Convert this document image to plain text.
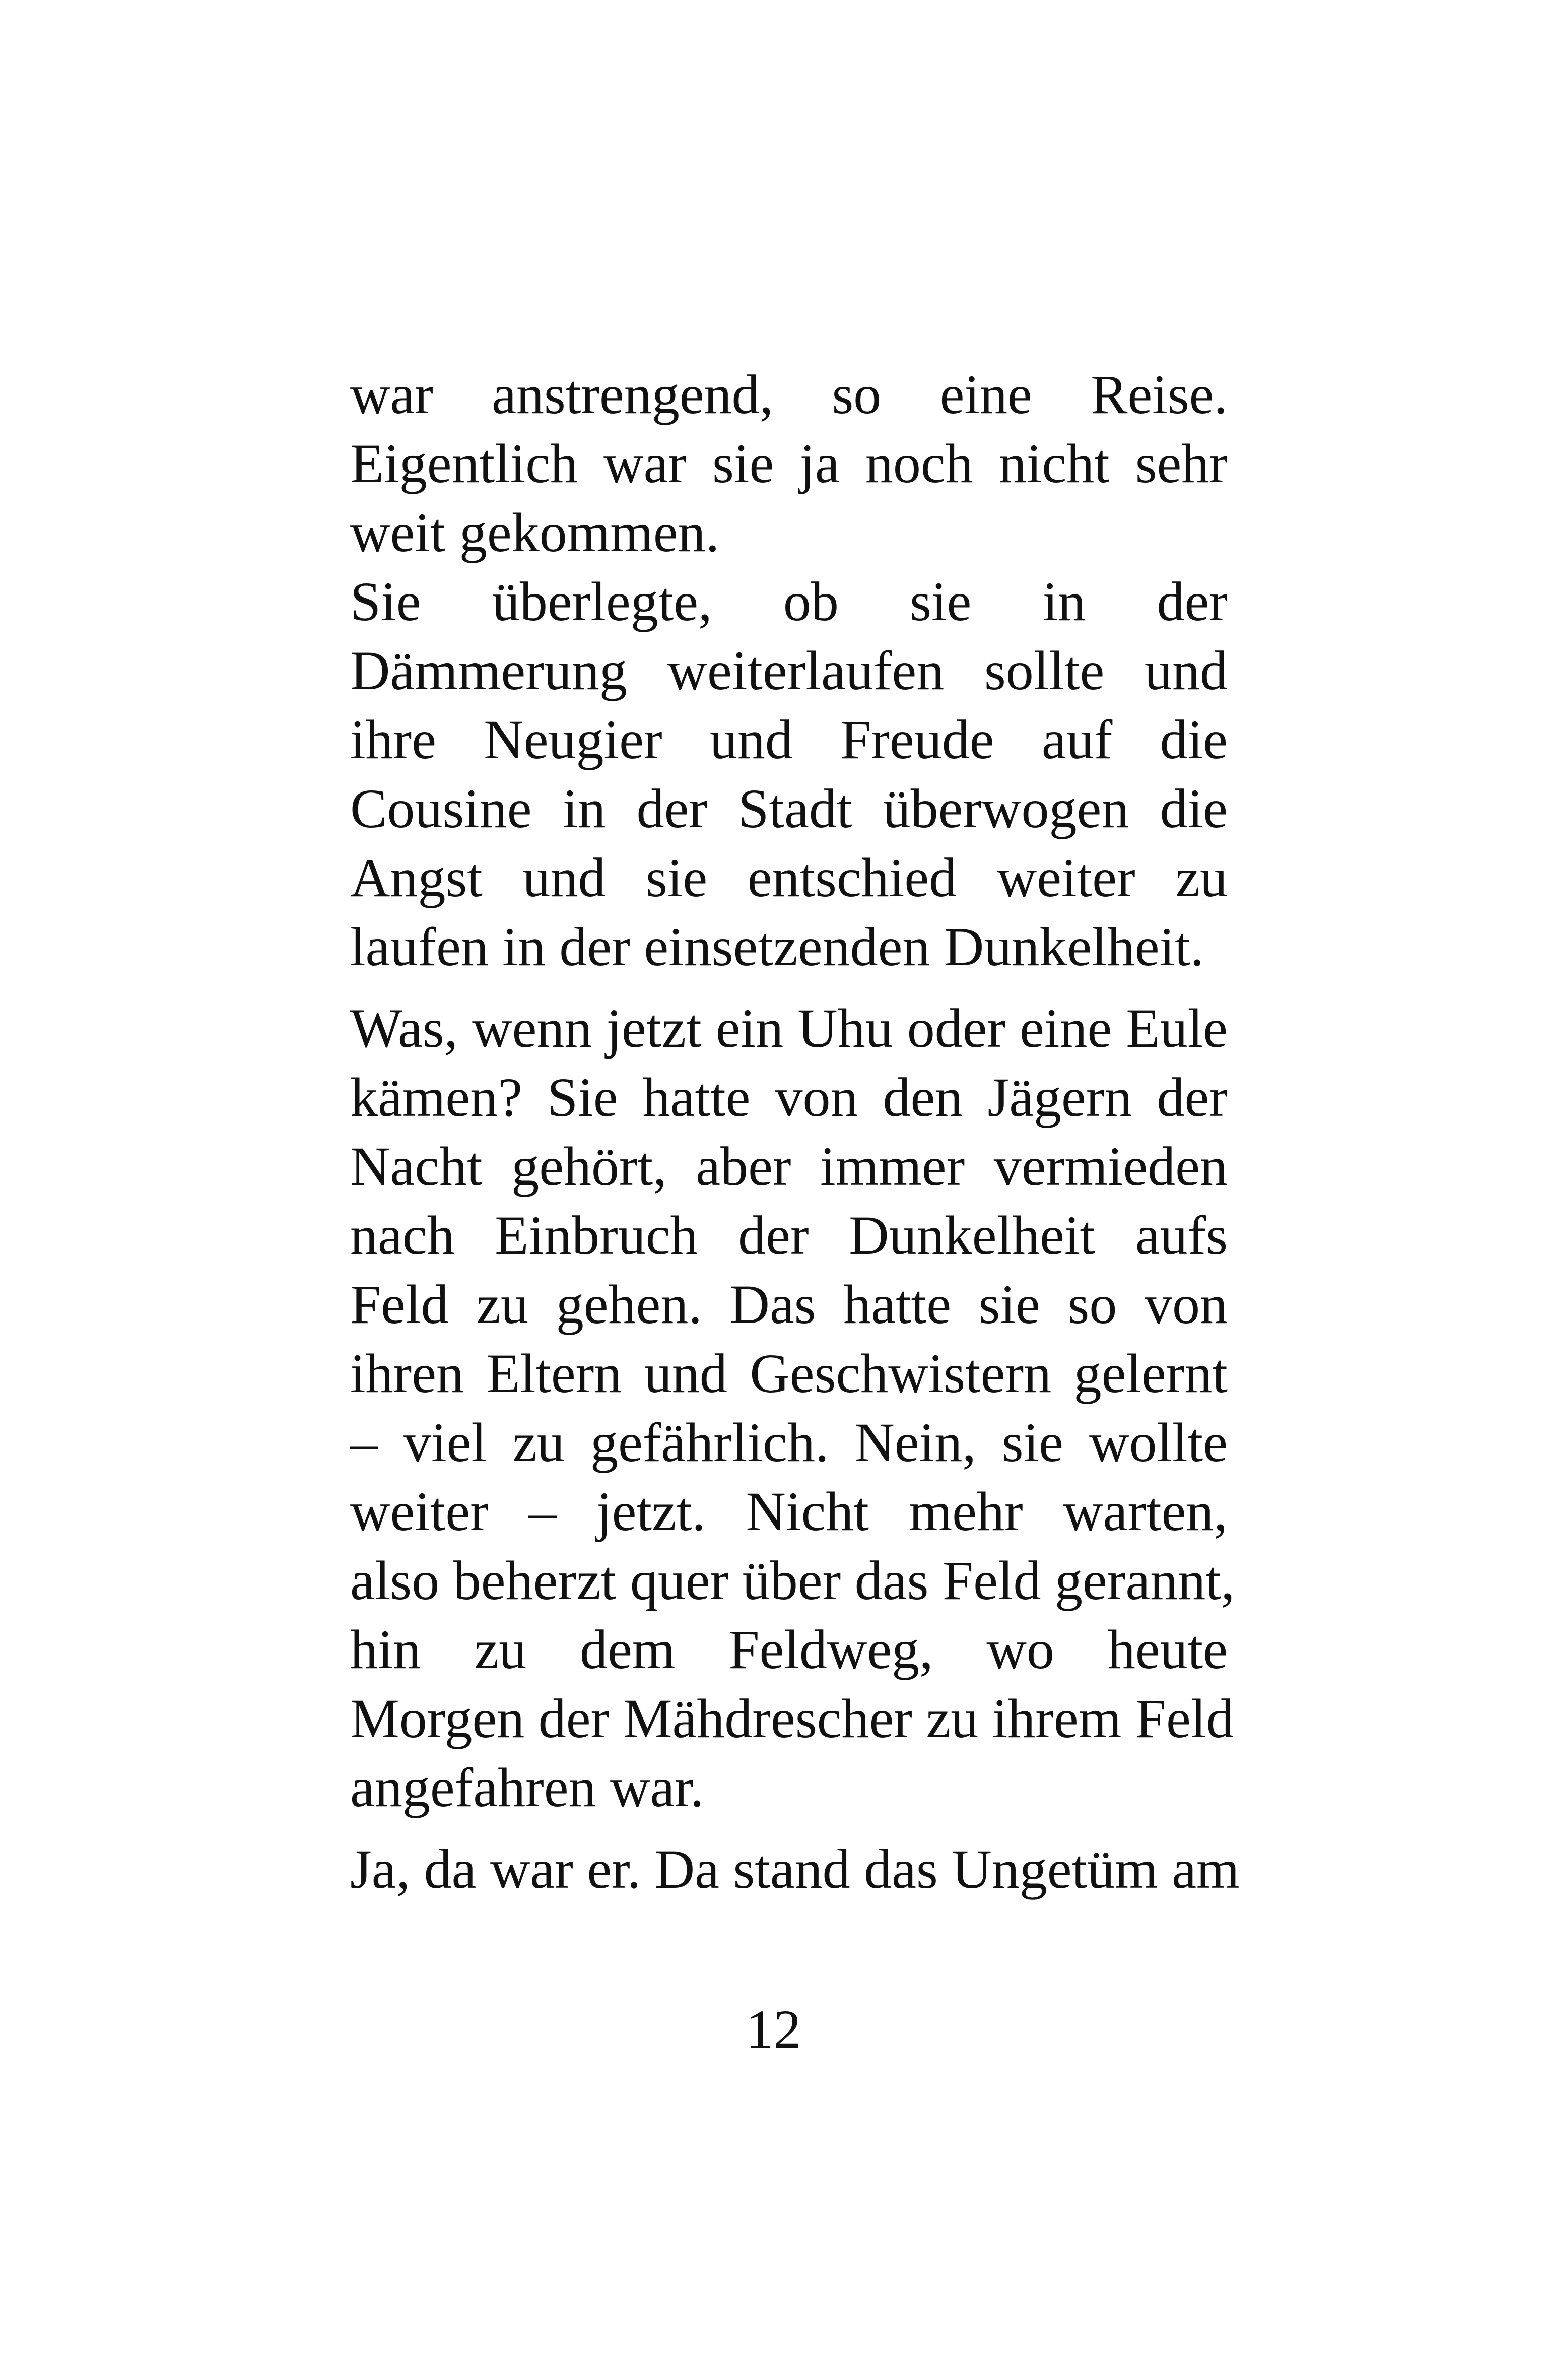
war anstrengend, so eine Reise.
Eigentlich war sie ja noch nicht sehr
weit gekommen.
Sie überlegte, ob sie in der
Dämmerung weiterlaufen sollte und
ihre Neugier und Freude auf die
Cousine in der Stadt überwogen die
Angst und sie entschied weiter zu
laufen in der einsetzenden Dunkelheit.
Was, wenn jetzt ein Uhu oder eine Eule
kämen? Sie hatte von den Jägern der
Nacht gehört, aber immer vermieden
nach Einbruch der Dunkelheit aufs
Feld zu gehen. Das hatte sie so von
ihren Eltern und Geschwistern gelernt
– viel zu gefährlich. Nein, sie wollte
weiter – jetzt. Nicht mehr warten,
also beherzt quer über das Feld gerannt,
hin zu dem Feldweg, wo heute
Morgen der Mähdrescher zu ihrem Feld
angefahren war.
Ja, da war er. Da stand das Ungetüm am
12
